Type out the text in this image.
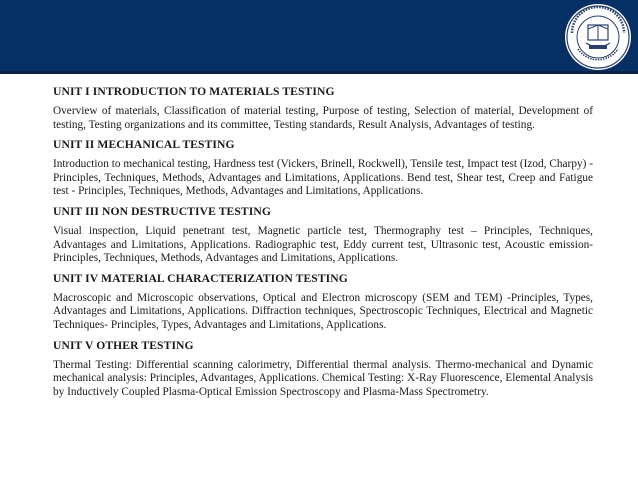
UNIT I INTRODUCTION TO MATERIALS TESTING
Overview of materials, Classification of material testing, Purpose of testing, Selection of material, Development of testing, Testing organizations and its committee, Testing standards, Result Analysis, Advantages of testing.
UNIT II MECHANICAL TESTING
Introduction to mechanical testing, Hardness test (Vickers, Brinell, Rockwell), Tensile test, Impact test (Izod, Charpy) - Principles, Techniques, Methods, Advantages and Limitations, Applications. Bend test, Shear test, Creep and Fatigue test - Principles, Techniques, Methods, Advantages and Limitations, Applications.
UNIT III NON DESTRUCTIVE TESTING
Visual inspection, Liquid penetrant test, Magnetic particle test, Thermography test – Principles, Techniques, Advantages and Limitations, Applications. Radiographic test, Eddy current test, Ultrasonic test, Acoustic emission- Principles, Techniques, Methods, Advantages and Limitations, Applications.
UNIT IV MATERIAL CHARACTERIZATION TESTING
Macroscopic and Microscopic observations, Optical and Electron microscopy (SEM and TEM) -Principles, Types, Advantages and Limitations, Applications. Diffraction techniques, Spectroscopic Techniques, Electrical and Magnetic Techniques- Principles, Types, Advantages and Limitations, Applications.
UNIT V OTHER TESTING
Thermal Testing: Differential scanning calorimetry, Differential thermal analysis. Thermo-mechanical and Dynamic mechanical analysis: Principles, Advantages, Applications. Chemical Testing: X-Ray Fluorescence, Elemental Analysis by Inductively Coupled Plasma-Optical Emission Spectroscopy and Plasma-Mass Spectrometry.
